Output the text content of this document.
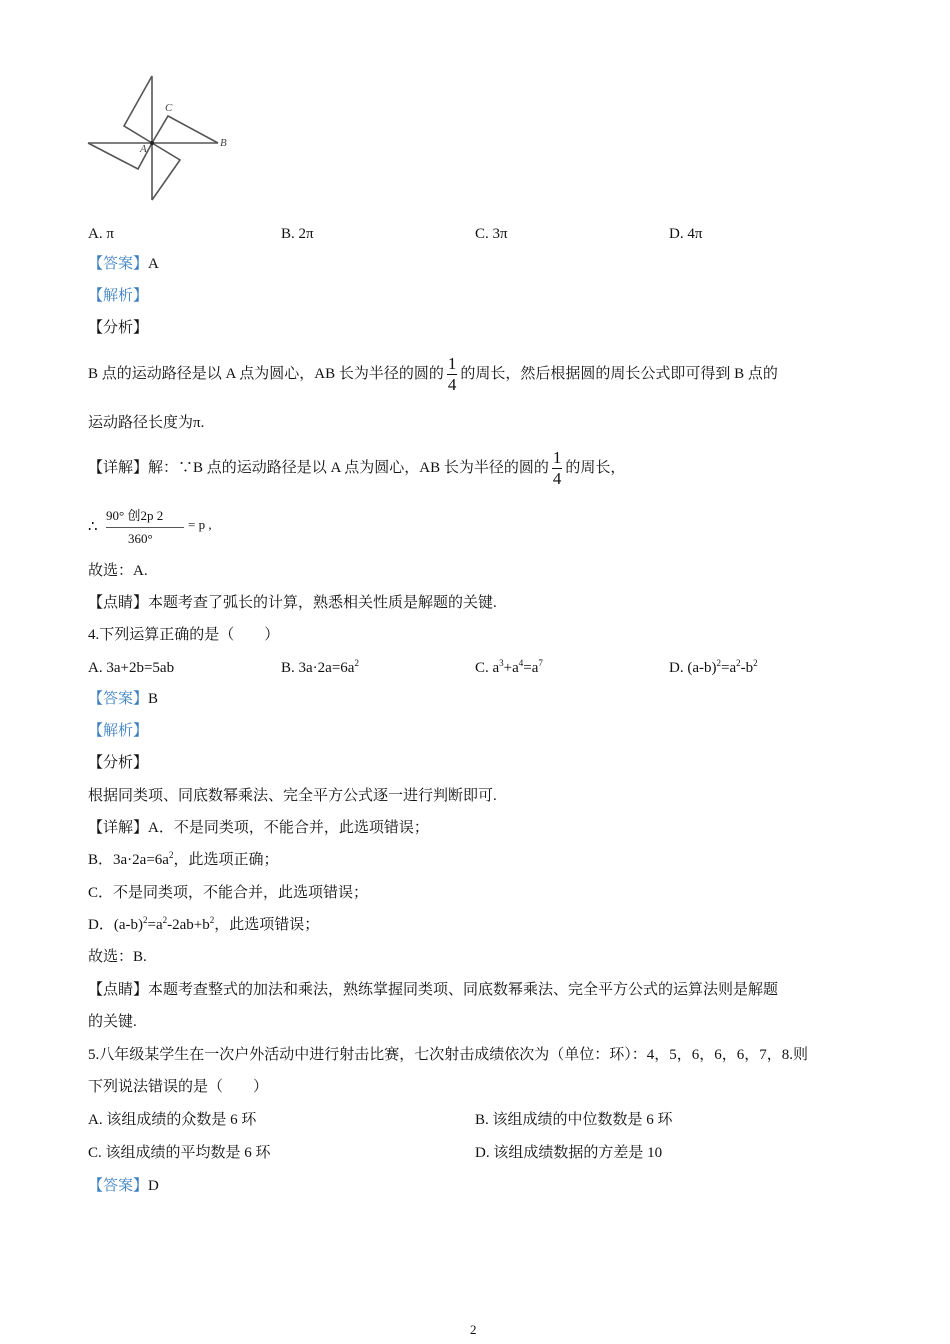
C
A	B
A. π	B. 2π	C. 3π	D. 4π
【答案】A
【解析】
【分析】
B 点的运动路径是以 A 点为圆心，AB 长为半径的圆的 $\frac{1}{4}$ 的周长，然后根据圆的周长公式即可得到 B 点的
运动路径长度为π.
【详解】解：∵B 点的运动路径是以 A 点为圆心，AB 长为半径的圆的 $\frac{1}{4}$ 的周长，
∴
90° 创2p 2
360°
= p ,
故选：A.
【点睛】本题考查了弧长的计算，熟悉相关性质是解题的关键.
4.下列运算正确的是（　　）
A. 3a+2b=5ab	B. $3a\cdot 2a=6a^2$	C. $a^3+a^4=a^7$	D. $(a-b)^2=a^2-b^2$
【答案】B
【解析】
【分析】
根据同类项、同底数幂乘法、完全平方公式逐一进行判断即可.
【详解】A．不是同类项，不能合并，此选项错误；
B．$3a\cdot 2a=6a^2$，此选项正确；
C．不是同类项，不能合并，此选项错误；
D．$(a-b)^2=a^2-2ab+b^2$，此选项错误；
故选：B.
【点睛】本题考查整式的加法和乘法，熟练掌握同类项、同底数幂乘法、完全平方公式的运算法则是解题
的关键.
5.八年级某学生在一次户外活动中进行射击比赛，七次射击成绩依次为（单位：环）：4，5，6，6，6，7，8.则
下列说法错误的是（　　）
A. 该组成绩的众数是 6 环	B. 该组成绩的中位数数是 6 环
C. 该组成绩的平均数是 6 环	D. 该组成绩数据的方差是 10
【答案】D
2
